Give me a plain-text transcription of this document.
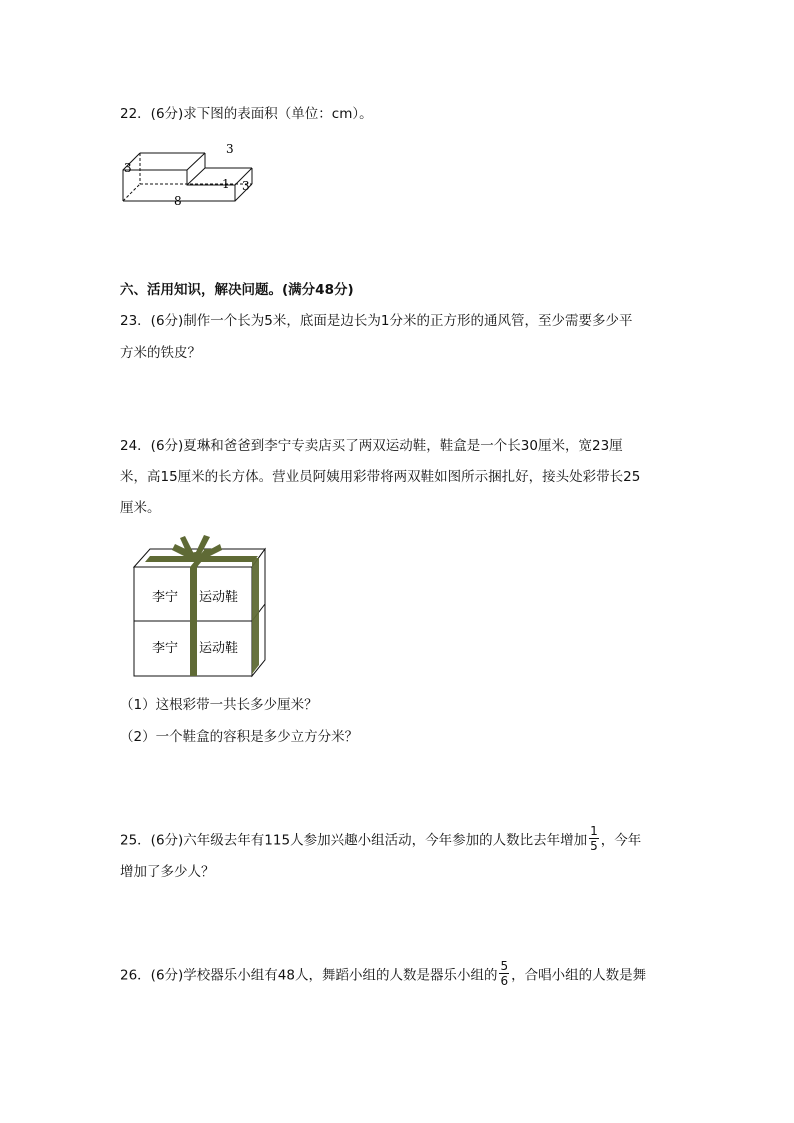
22．(6分)求下图的表面积（单位：cm）。
3
3
1 3
8
六、活用知识，解决问题。(满分48分)
23．(6分)制作一个长为5米，底面是边长为1分米的正方形的通风管，至少需要多少平
方米的铁皮？
24．(6分)夏琳和爸爸到李宁专卖店买了两双运动鞋，鞋盒是一个长30厘米，宽23厘
米，高15厘米的长方体。营业员阿姨用彩带将两双鞋如图所示捆扎好，接头处彩带长25
厘米。
李宁 运动鞋
李宁 运动鞋
（1）这根彩带一共长多少厘米？
（2）一个鞋盒的容积是多少立方分米？
25．(6分)六年级去年有115人参加兴趣小组活动，今年参加的人数比去年增加 $\frac{1}{5}$ ，今年
增加了多少人？
26．(6分)学校器乐小组有48人，舞蹈小组的人数是器乐小组的 $\frac{5}{6}$ ，合唱小组的人数是舞
